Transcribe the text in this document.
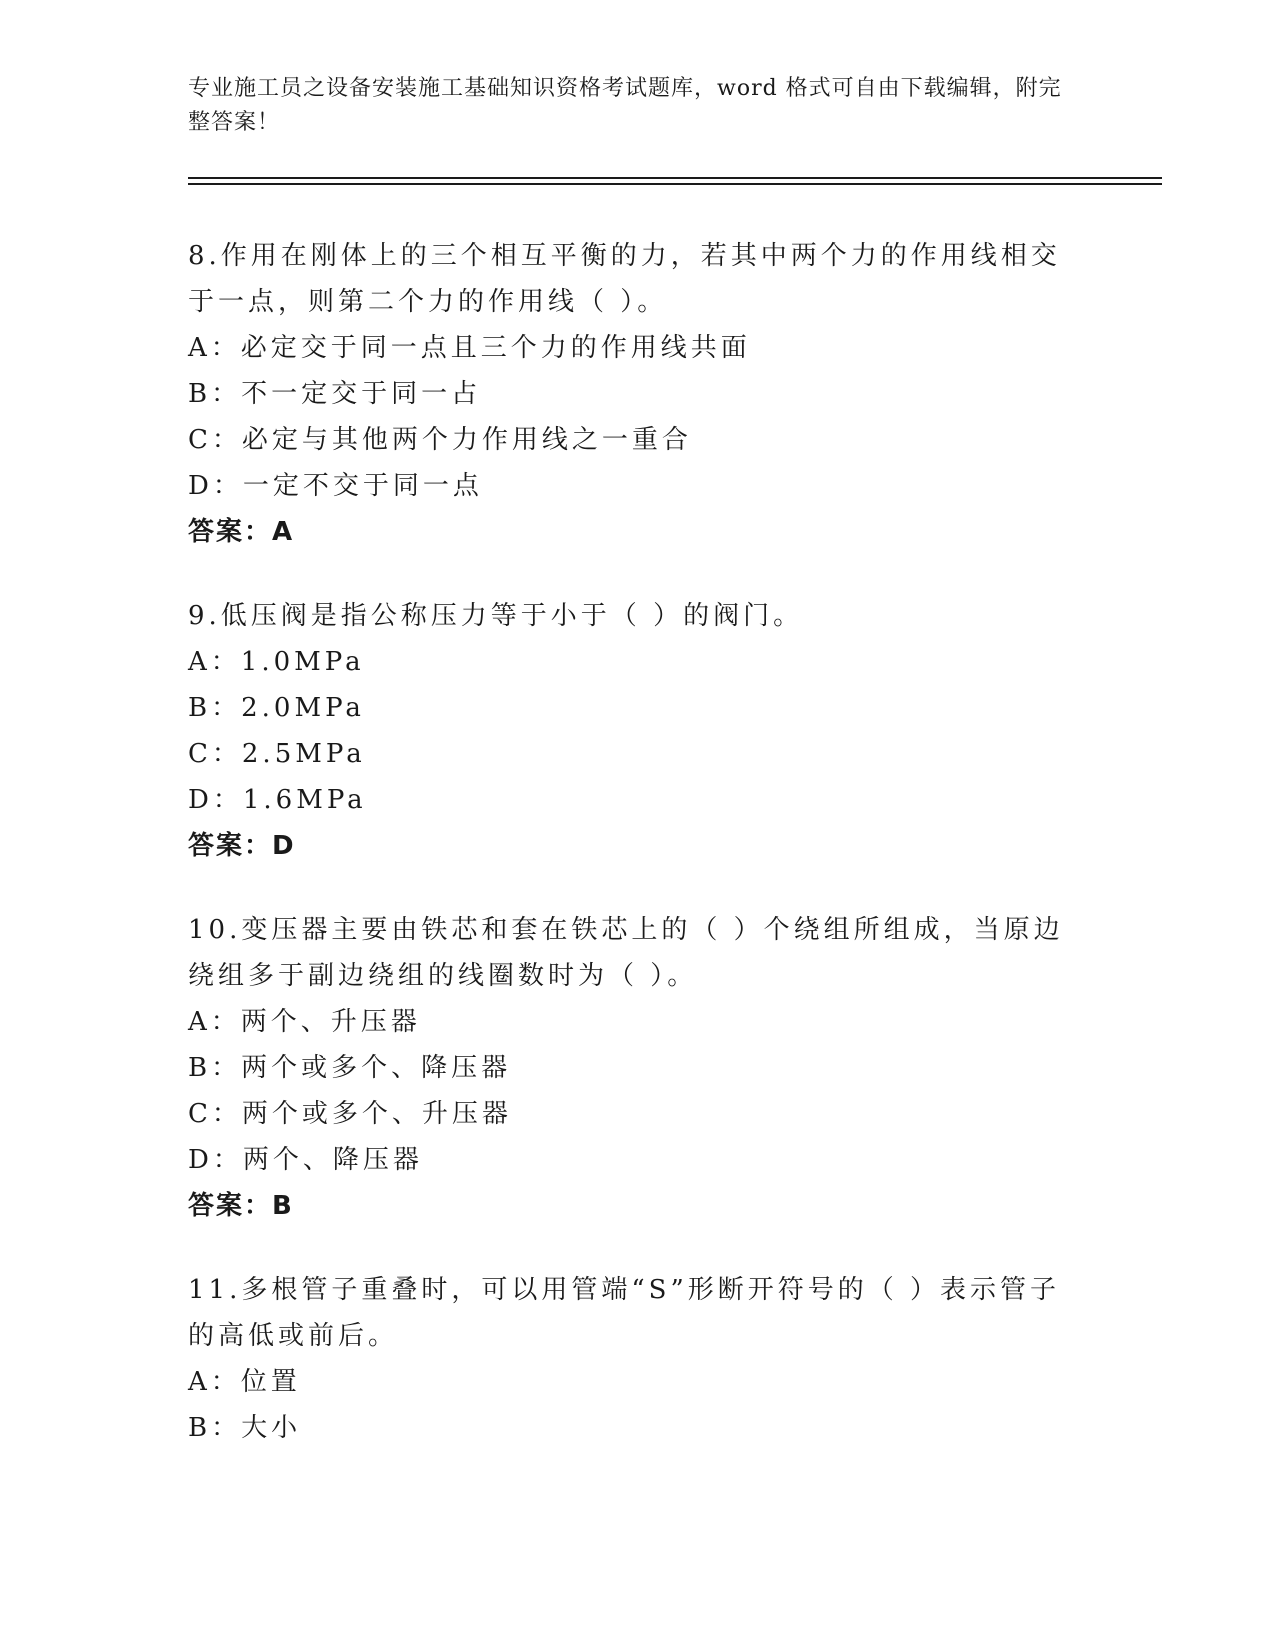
专业施工员之设备安装施工基础知识资格考试题库，word 格式可自由下载编辑，附完整答案！
8.作用在刚体上的三个相互平衡的力，若其中两个力的作用线相交于一点，则第二个力的作用线（ ）。
A：必定交于同一点且三个力的作用线共面
B：不一定交于同一占
C：必定与其他两个力作用线之一重合
D：一定不交于同一点
答案：A
9.低压阀是指公称压力等于小于（ ）的阀门。
A：1.0MPa
B：2.0MPa
C：2.5MPa
D：1.6MPa
答案：D
10.变压器主要由铁芯和套在铁芯上的（ ）个绕组所组成，当原边绕组多于副边绕组的线圈数时为（ ）。
A：两个、升压器
B：两个或多个、降压器
C：两个或多个、升压器
D：两个、降压器
答案：B
11.多根管子重叠时，可以用管端“S”形断开符号的（ ）表示管子的高低或前后。
A：位置
B：大小
